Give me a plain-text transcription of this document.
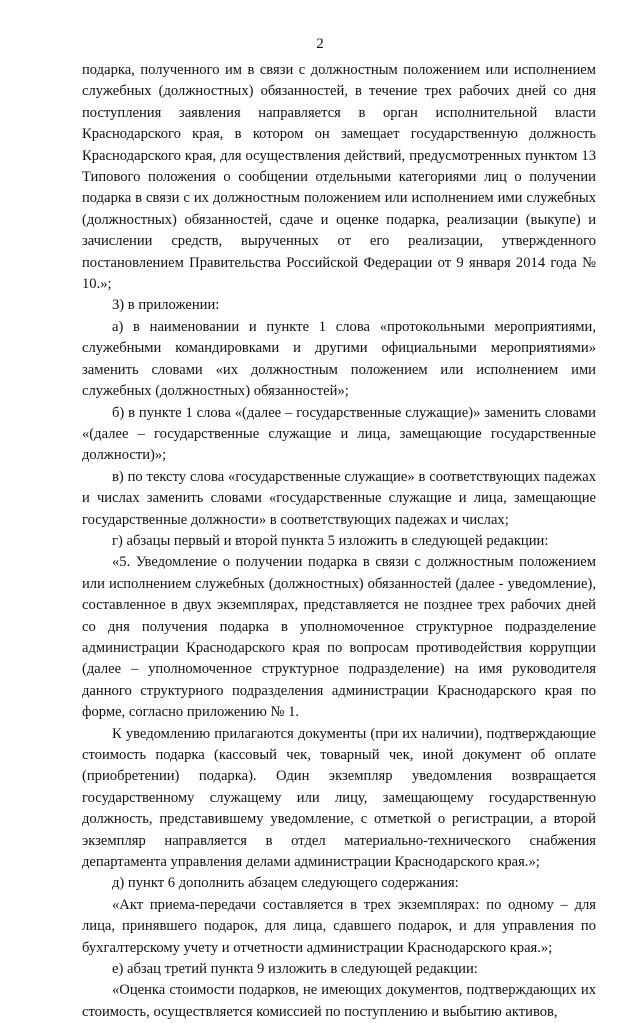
2

подарка, полученного им в связи с должностным положением или исполнением служебных (должностных) обязанностей, в течение трех рабочих дней со дня поступления заявления направляется в орган исполнительной власти Краснодарского края, в котором он замещает государственную должность Краснодарского края, для осуществления действий, предусмотренных пунктом 13 Типового положения о сообщении отдельными категориями лиц о получении подарка в связи с их должностным положением или исполнением ими служебных (должностных) обязанностей, сдаче и оценке подарка, реализации (выкупе) и зачислении средств, вырученных от его реализации, утвержденного постановлением Правительства Российской Федерации от 9 января 2014 года № 10.»;

3) в приложении:

а) в наименовании и пункте 1 слова «протокольными мероприятиями, служебными командировками и другими официальными мероприятиями» заменить словами «их должностным положением или исполнением ими служебных (должностных) обязанностей»;

б) в пункте 1 слова «(далее – государственные служащие)» заменить словами «(далее – государственные служащие и лица, замещающие государственные должности)»;

в) по тексту слова «государственные служащие» в соответствующих падежах и числах заменить словами «государственные служащие и лица, замещающие государственные должности» в соответствующих падежах и числах;

г) абзацы первый и второй пункта 5 изложить в следующей редакции:

«5. Уведомление о получении подарка в связи с должностным положением или исполнением служебных (должностных) обязанностей (далее - уведомление), составленное в двух экземплярах, представляется не позднее трех рабочих дней со дня получения подарка в уполномоченное структурное подразделение администрации Краснодарского края по вопросам противодействия коррупции (далее – уполномоченное структурное подразделение) на имя руководителя данного структурного подразделения администрации Краснодарского края по форме, согласно приложению № 1.

К уведомлению прилагаются документы (при их наличии), подтверждающие стоимость подарка (кассовый чек, товарный чек, иной документ об оплате (приобретении) подарка). Один экземпляр уведомления возвращается государственному служащему или лицу, замещающему государственную должность, представившему уведомление, с отметкой о регистрации, а второй экземпляр направляется в отдел материально-технического снабжения департамента управления делами администрации Краснодарского края.»;

д) пункт 6 дополнить абзацем следующего содержания:

«Акт приема-передачи составляется в трех экземплярах: по одному – для лица, принявшего подарок, для лица, сдавшего подарок, и для управления по бухгалтерскому учету и отчетности администрации Краснодарского края.»;

е) абзац третий пункта 9 изложить в следующей редакции:

«Оценка стоимости подарков, не имеющих документов, подтверждающих их стоимость, осуществляется комиссией по поступлению и выбытию активов,
